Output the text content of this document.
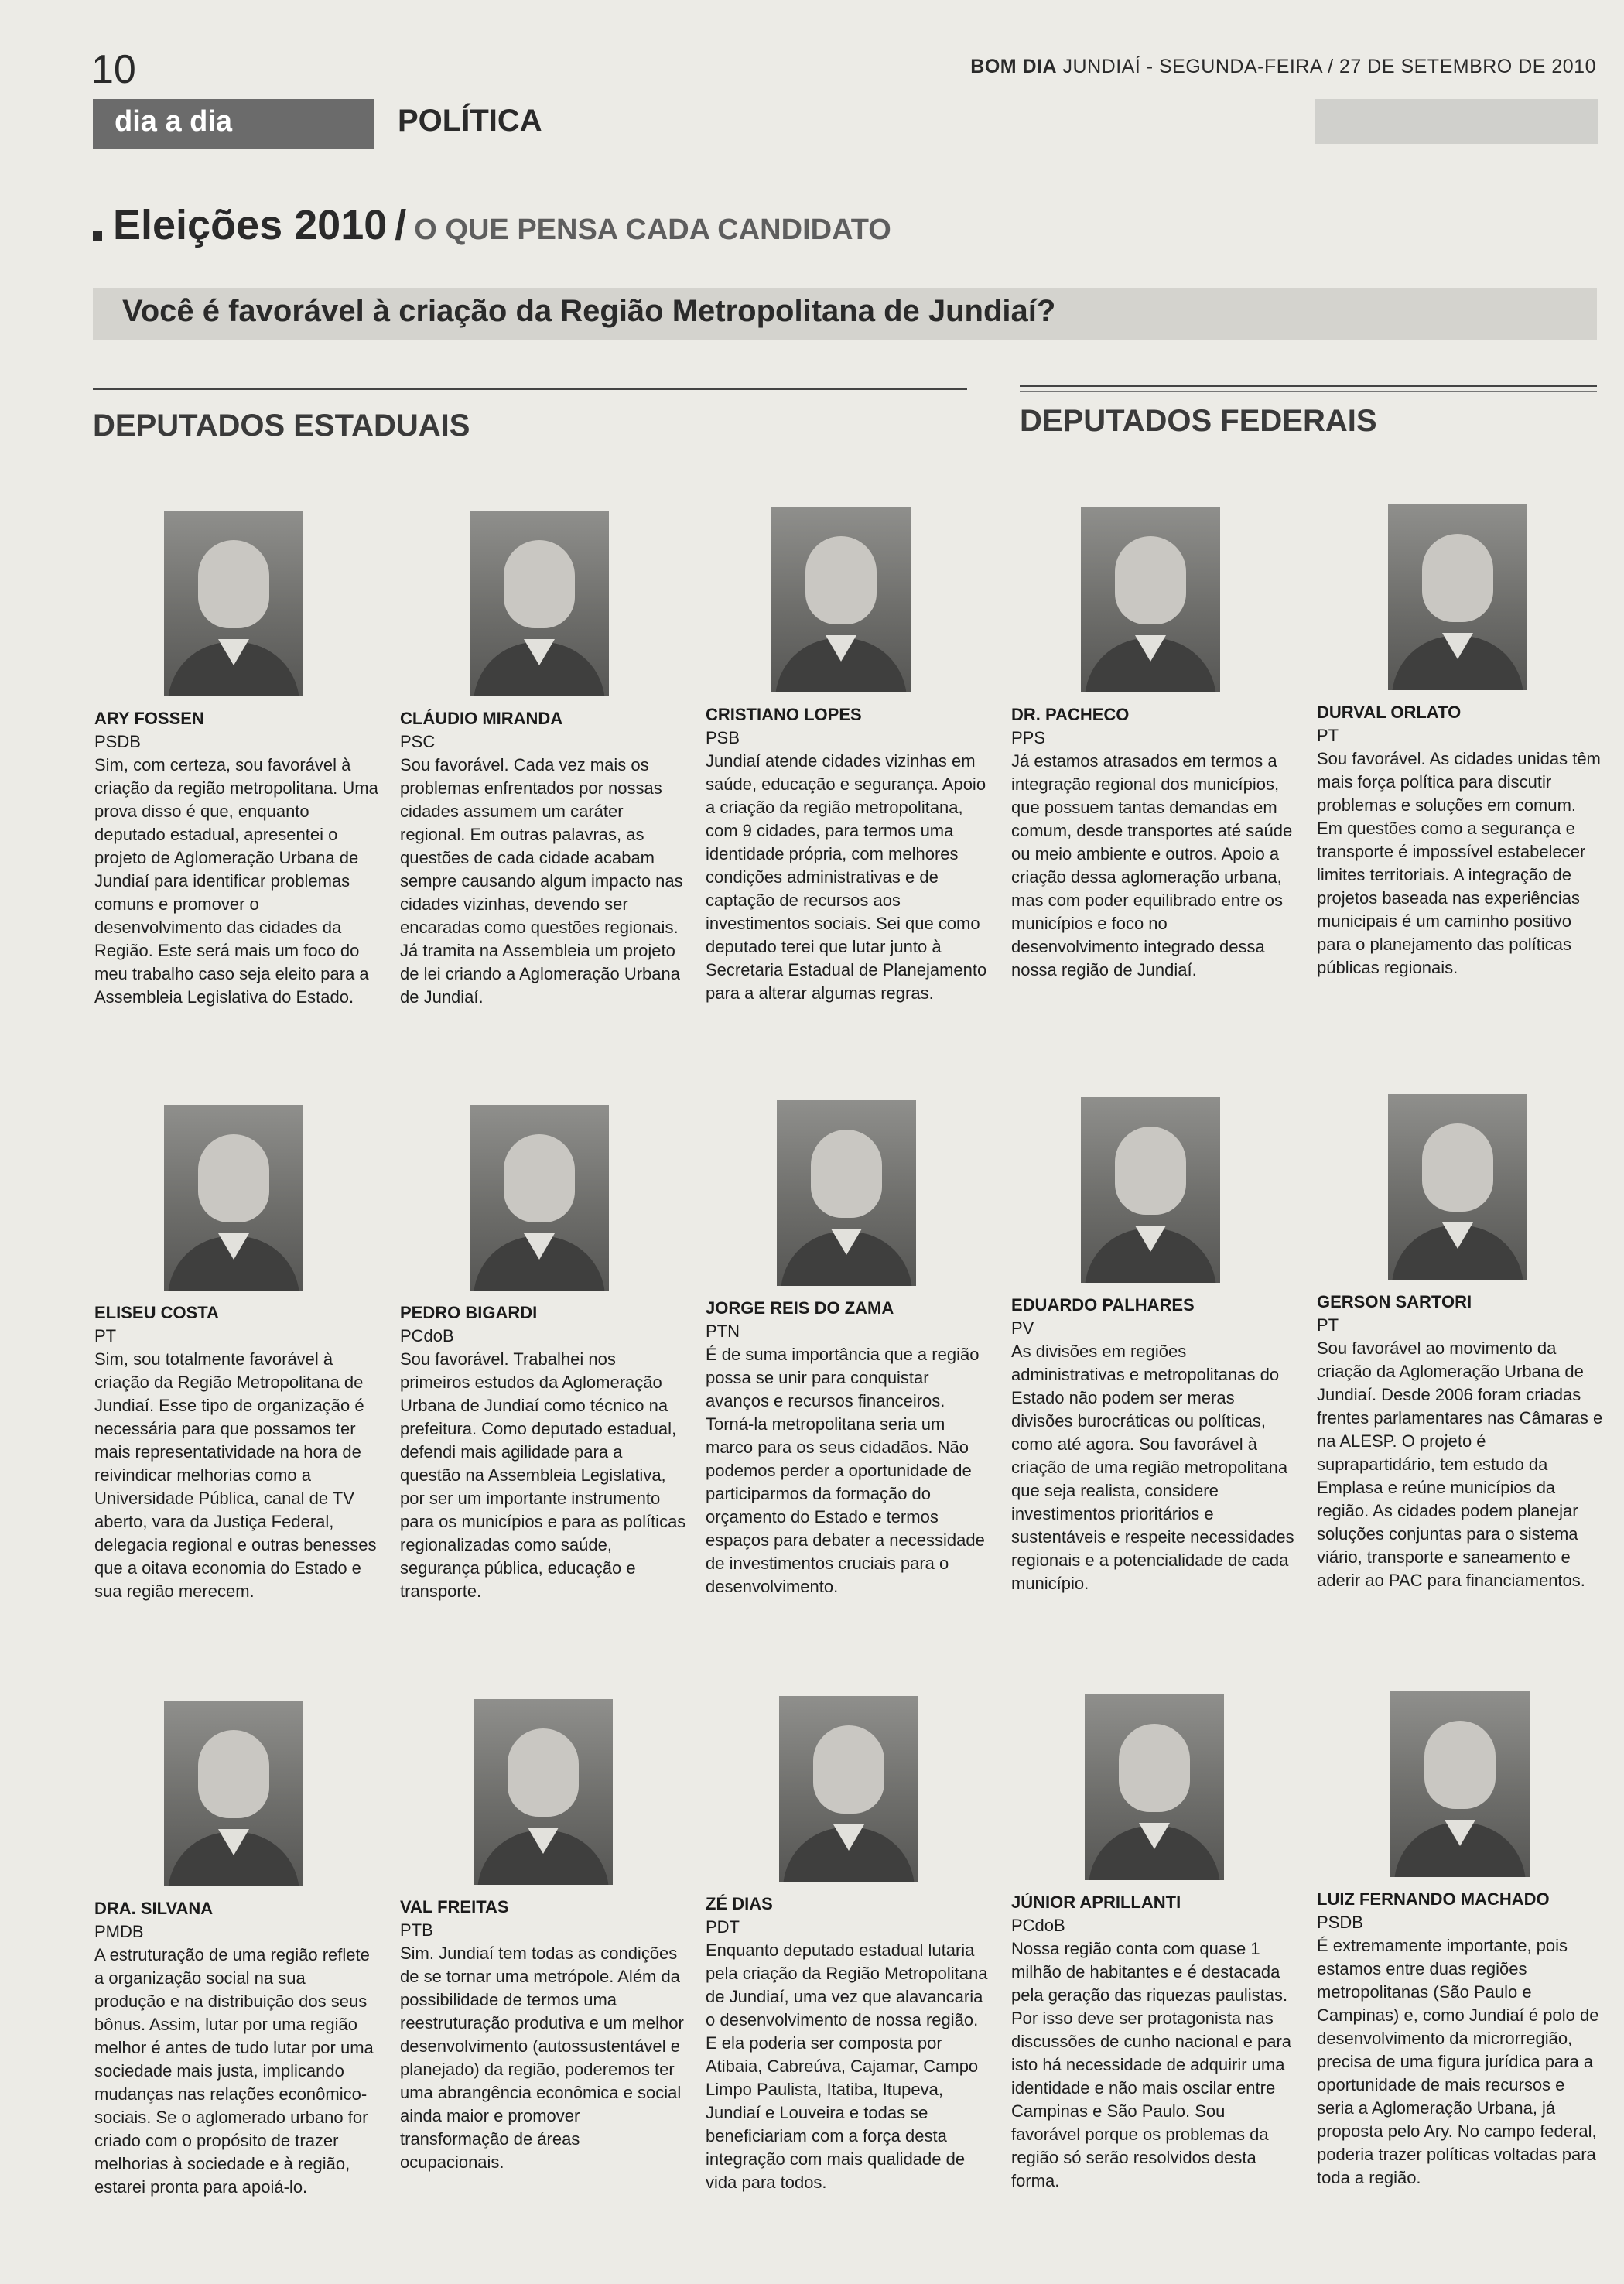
10	BOM DIA JUNDIAÍ - SEGUNDA-FEIRA / 27 DE SETEMBRO DE 2010
dia a dia	POLÍTICA
Eleições 2010 / O QUE PENSA CADA CANDIDATO
Você é favorável à criação da Região Metropolitana de Jundiaí?
DEPUTADOS ESTADUAIS	DEPUTADOS FEDERAIS
ARY FOSSEN
PSDB
Sim, com certeza, sou favorável à criação da região metropolitana. Uma prova disso é que, enquanto deputado estadual, apresentei o projeto de Aglomeração Urbana de Jundiaí para identificar problemas comuns e promover o desenvolvimento das cidades da Região. Este será mais um foco do meu trabalho caso seja eleito para a Assembleia Legislativa do Estado.
CLÁUDIO MIRANDA
PSC
Sou favorável. Cada vez mais os problemas enfrentados por nossas cidades assumem um caráter regional. Em outras palavras, as questões de cada cidade acabam sempre causando algum impacto nas cidades vizinhas, devendo ser encaradas como questões regionais. Já tramita na Assembleia um projeto de lei criando a Aglomeração Urbana de Jundiaí.
CRISTIANO LOPES
PSB
Jundiaí atende cidades vizinhas em saúde, educação e segurança. Apoio a criação da região metropolitana, com 9 cidades, para termos uma identidade própria, com melhores condições administrativas e de captação de recursos aos investimentos sociais. Sei que como deputado terei que lutar junto à Secretaria Estadual de Planejamento para a alterar algumas regras.
DR. PACHECO
PPS
Já estamos atrasados em termos a integração regional dos municípios, que possuem tantas demandas em comum, desde transportes até saúde ou meio ambiente e outros. Apoio a criação dessa aglomeração urbana, mas com poder equilibrado entre os municípios e foco no desenvolvimento integrado dessa nossa região de Jundiaí.
DURVAL ORLATO
PT
Sou favorável. As cidades unidas têm mais força política para discutir problemas e soluções em comum. Em questões como a segurança e transporte é impossível estabelecer limites territoriais. A integração de projetos baseada nas experiências municipais é um caminho positivo para o planejamento das políticas públicas regionais.
ELISEU COSTA
PT
Sim, sou totalmente favorável à criação da Região Metropolitana de Jundiaí. Esse tipo de organização é necessária para que possamos ter mais representatividade na hora de reivindicar melhorias como a Universidade Pública, canal de TV aberto, vara da Justiça Federal, delegacia regional e outras benesses que a oitava economia do Estado e sua região merecem.
PEDRO BIGARDI
PCdoB
Sou favorável. Trabalhei nos primeiros estudos da Aglomeração Urbana de Jundiaí como técnico na prefeitura. Como deputado estadual, defendi mais agilidade para a questão na Assembleia Legislativa, por ser um importante instrumento para os municípios e para as políticas regionalizadas como saúde, segurança pública, educação e transporte.
JORGE REIS DO ZAMA
PTN
É de suma importância que a região possa se unir para conquistar avanços e recursos financeiros. Torná-la metropolitana seria um marco para os seus cidadãos. Não podemos perder a oportunidade de participarmos da formação do orçamento do Estado e termos espaços para debater a necessidade de investimentos cruciais para o desenvolvimento.
EDUARDO PALHARES
PV
As divisões em regiões administrativas e metropolitanas do Estado não podem ser meras divisões burocráticas ou políticas, como até agora. Sou favorável à criação de uma região metropolitana que seja realista, considere investimentos prioritários e sustentáveis e respeite necessidades regionais e a potencialidade de cada município.
GERSON SARTORI
PT
Sou favorável ao movimento da criação da Aglomeração Urbana de Jundiaí. Desde 2006 foram criadas frentes parlamentares nas Câmaras e na ALESP. O projeto é suprapartidário, tem estudo da Emplasa e reúne municípios da região. As cidades podem planejar soluções conjuntas para o sistema viário, transporte e saneamento e aderir ao PAC para financiamentos.
DRA. SILVANA
PMDB
A estruturação de uma região reflete a organização social na sua produção e na distribuição dos seus bônus. Assim, lutar por uma região melhor é antes de tudo lutar por uma sociedade mais justa, implicando mudanças nas relações econômico-sociais. Se o aglomerado urbano for criado com o propósito de trazer melhorias à sociedade e à região, estarei pronta para apoiá-lo.
VAL FREITAS
PTB
Sim. Jundiaí tem todas as condições de se tornar uma metrópole. Além da possibilidade de termos uma reestruturação produtiva e um melhor desenvolvimento (autossustentável e planejado) da região, poderemos ter uma abrangência econômica e social ainda maior e promover transformação de áreas ocupacionais.
ZÉ DIAS
PDT
Enquanto deputado estadual lutaria pela criação da Região Metropolitana de Jundiaí, uma vez que alavancaria o desenvolvimento de nossa região. E ela poderia ser composta por Atibaia, Cabreúva, Cajamar, Campo Limpo Paulista, Itatiba, Itupeva, Jundiaí e Louveira e todas se beneficiariam com a força desta integração com mais qualidade de vida para todos.
JÚNIOR APRILLANTI
PCdoB
Nossa região conta com quase 1 milhão de habitantes e é destacada pela geração das riquezas paulistas. Por isso deve ser protagonista nas discussões de cunho nacional e para isto há necessidade de adquirir uma identidade e não mais oscilar entre Campinas e São Paulo. Sou favorável porque os problemas da região só serão resolvidos desta forma.
LUIZ FERNANDO MACHADO
PSDB
É extremamente importante, pois estamos entre duas regiões metropolitanas (São Paulo e Campinas) e, como Jundiaí é polo de desenvolvimento da microrregião, precisa de uma figura jurídica para a oportunidade de mais recursos e seria a Aglomeração Urbana, já proposta pelo Ary. No campo federal, poderia trazer políticas voltadas para toda a região.
